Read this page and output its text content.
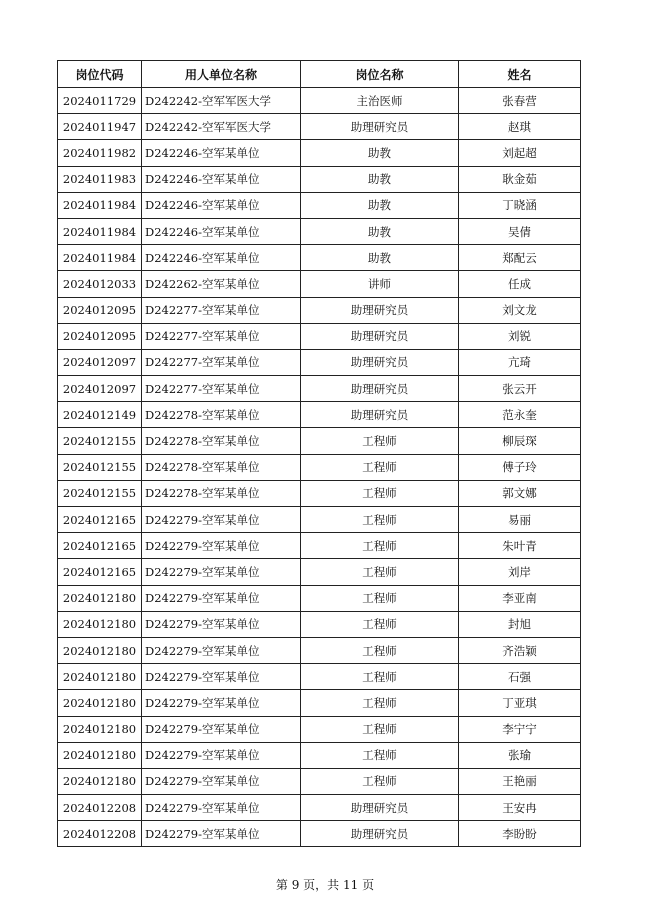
岗位代码	用人单位名称	岗位名称	姓名
2024011729	D242242-空军军医大学	主治医师	张春营
2024011947	D242242-空军军医大学	助理研究员	赵琪
2024011982	D242246-空军某单位	助教	刘起超
2024011983	D242246-空军某单位	助教	耿金茹
2024011984	D242246-空军某单位	助教	丁晓涵
2024011984	D242246-空军某单位	助教	吴倩
2024011984	D242246-空军某单位	助教	郑配云
2024012033	D242262-空军某单位	讲师	任成
2024012095	D242277-空军某单位	助理研究员	刘文龙
2024012095	D242277-空军某单位	助理研究员	刘锐
2024012097	D242277-空军某单位	助理研究员	亢琦
2024012097	D242277-空军某单位	助理研究员	张云开
2024012149	D242278-空军某单位	助理研究员	范永奎
2024012155	D242278-空军某单位	工程师	柳辰琛
2024012155	D242278-空军某单位	工程师	傅子玲
2024012155	D242278-空军某单位	工程师	郭文娜
2024012165	D242279-空军某单位	工程师	易丽
2024012165	D242279-空军某单位	工程师	朱叶青
2024012165	D242279-空军某单位	工程师	刘岸
2024012180	D242279-空军某单位	工程师	李亚南
2024012180	D242279-空军某单位	工程师	封旭
2024012180	D242279-空军某单位	工程师	齐浩颖
2024012180	D242279-空军某单位	工程师	石强
2024012180	D242279-空军某单位	工程师	丁亚琪
2024012180	D242279-空军某单位	工程师	李宁宁
2024012180	D242279-空军某单位	工程师	张瑜
2024012180	D242279-空军某单位	工程师	王艳丽
2024012208	D242279-空军某单位	助理研究员	王安冉
2024012208	D242279-空军某单位	助理研究员	李盼盼
第 9 页，共 11 页
